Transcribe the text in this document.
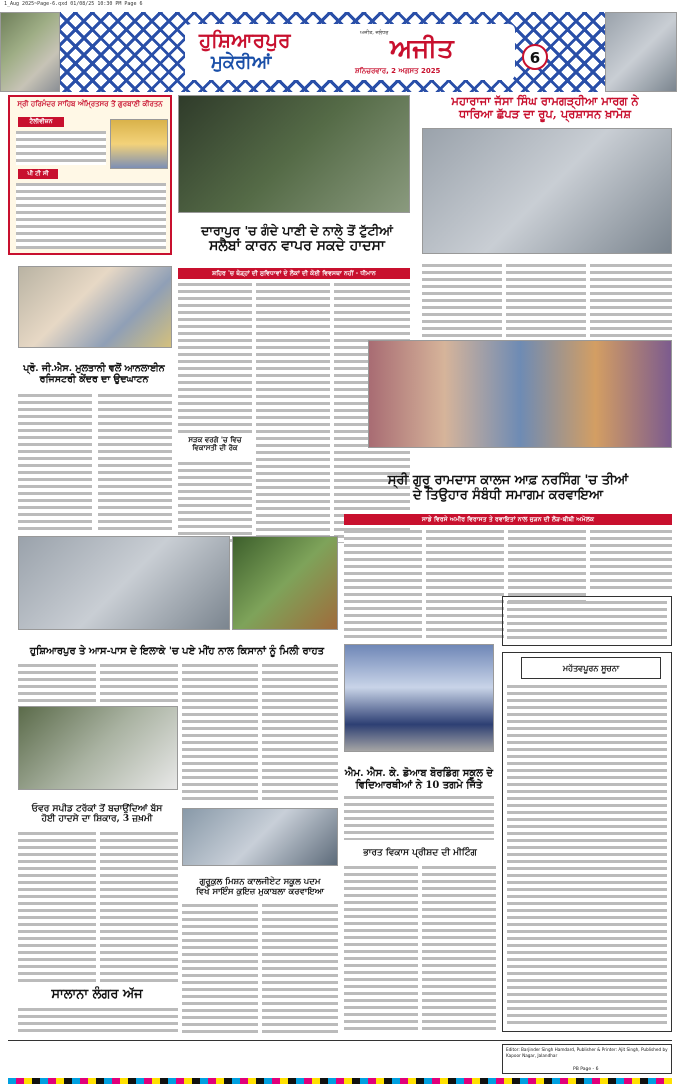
1_Aug 2025~Page-6.qxd 01/08/25 10:30 PM Page 6
ਹੁਸ਼ਿਆਰਪੁਰ
ਮੁਕੇਰੀਆਂ
ਅਜੀਤ, ਜਲੰਧਰ
ਅਜੀਤ
ਸ਼ਨਿਚਰਵਾਰ, 2 ਅਗਸਤ 2025
6
ਸ੍ਰੀ ਹਰਿਮੰਦਰ ਸਾਹਿਬ ਅੰਮ੍ਰਿਤਸਰ ਤੋਂ ਗੁਰਬਾਣੀ ਕੀਰਤਨ
ਟੈਲੀਵੀਜ਼ਨ
ਪੀ ਟੀ ਸੀ
ਦਾਰਾਪੁਰ 'ਚ ਗੰਦੇ ਪਾਣੀ ਦੇ ਨਾਲੇ ਤੋਂ ਟੁੱਟੀਆਂ
ਸਲੈਬਾਂ ਕਾਰਨ ਵਾਪਰ ਸਕਦੇ ਹਾਦਸਾ
ਸ਼ਹਿਰ 'ਚ ਥੋੜ੍ਹਾਂ ਦੀ ਸੁਵਿਧਾਵਾਂ ਦੇ ਲੋਕਾਂ ਦੀ ਕੋਈ ਵਿਵਸਥਾ ਨਹੀਂ - ਧੀਮਾਨ
ਸੜਕ ਵਰਗੇ 'ਚ ਵਿਚ ਵਿਕਾਸਤੀ ਦੀ ਰੋਕ
ਮਹਾਰਾਜਾ ਜੱਸਾ ਸਿੰਘ ਰਾਮਗੜ੍ਹੀਆ ਮਾਰਗ ਨੇ
ਧਾਰਿਆ ਛੱਪੜ ਦਾ ਰੂਪ, ਪ੍ਰਸ਼ਾਸਨ ਖ਼ਾਮੋਸ਼
ਪ੍ਰੋ. ਜੀ.ਐਸ. ਮੁਲਤਾਨੀ ਵਲੋਂ ਆਨਲਾਈਨ
ਰਜਿਸਟਰੀ ਕੇਂਦਰ ਦਾ ਉਦਘਾਟਨ
ਸ੍ਰੀ ਗੁਰੂ ਰਾਮਦਾਸ ਕਾਲਜ ਆਫ਼ ਨਰਸਿੰਗ 'ਚ ਤੀਆਂ
ਦੇ ਤਿਉਹਾਰ ਸੰਬੰਧੀ ਸਮਾਗਮ ਕਰਵਾਇਆ
ਸਾਡੇ ਵਿਰਸੇ ਅਮੀਰ ਵਿਰਾਸਤ ਤੇ ਰਵਾਇਤਾਂ ਨਾਲ ਜੁੜਨ ਦੀ ਲੋੜ-ਬੀਬੀ ਅਮੋਲਕ
ਹੁਸ਼ਿਆਰਪੁਰ ਤੇ ਆਸ-ਪਾਸ ਦੇ ਇਲਾਕੇ 'ਚ ਪਏ ਮੀਂਹ ਨਾਲ ਕਿਸਾਨਾਂ ਨੂੰ ਮਿਲੀ ਰਾਹਤ
ਮਹੱਤਵਪੂਰਨ ਸੂਚਨਾ
ਐਮ. ਐਸ. ਕੇ. ਡੋਆਬ ਬੋਰਡਿੰਗ ਸਕੂਲ ਦੇ
ਵਿਦਿਆਰਥੀਆਂ ਨੇ 10 ਤਗਮੇ ਜਿੱਤੇ
ਓਵਰ ਸਪੀਡ ਟਰੱਕਾਂ ਤੋਂ ਬਚਾਉਂਦਿਆਂ ਬੱਸ
ਹੋਈ ਹਾਦਸੇ ਦਾ ਸ਼ਿਕਾਰ, 3 ਜ਼ਖ਼ਮੀ
ਗੁਰੂਕੁਲ ਮਿਸ਼ਨ ਕਾਲਜੀਏਟ ਸਕੂਲ ਪਦਮ
ਵਿਖੇ ਸਾਇੰਸ ਕੁਇਜ਼ ਮੁਕਾਬਲਾ ਕਰਵਾਇਆ
ਭਾਰਤ ਵਿਕਾਸ ਪ੍ਰੀਸ਼ਦ ਦੀ ਮੀਟਿੰਗ
ਸਾਲਾਨਾ ਲੰਗਰ ਅੱਜ
Editor: Barjinder Singh Hamdard, Publisher & Printer: Ajit Singh, Published by Kapoor Nagar, Jalandhar
PB Page - 6
